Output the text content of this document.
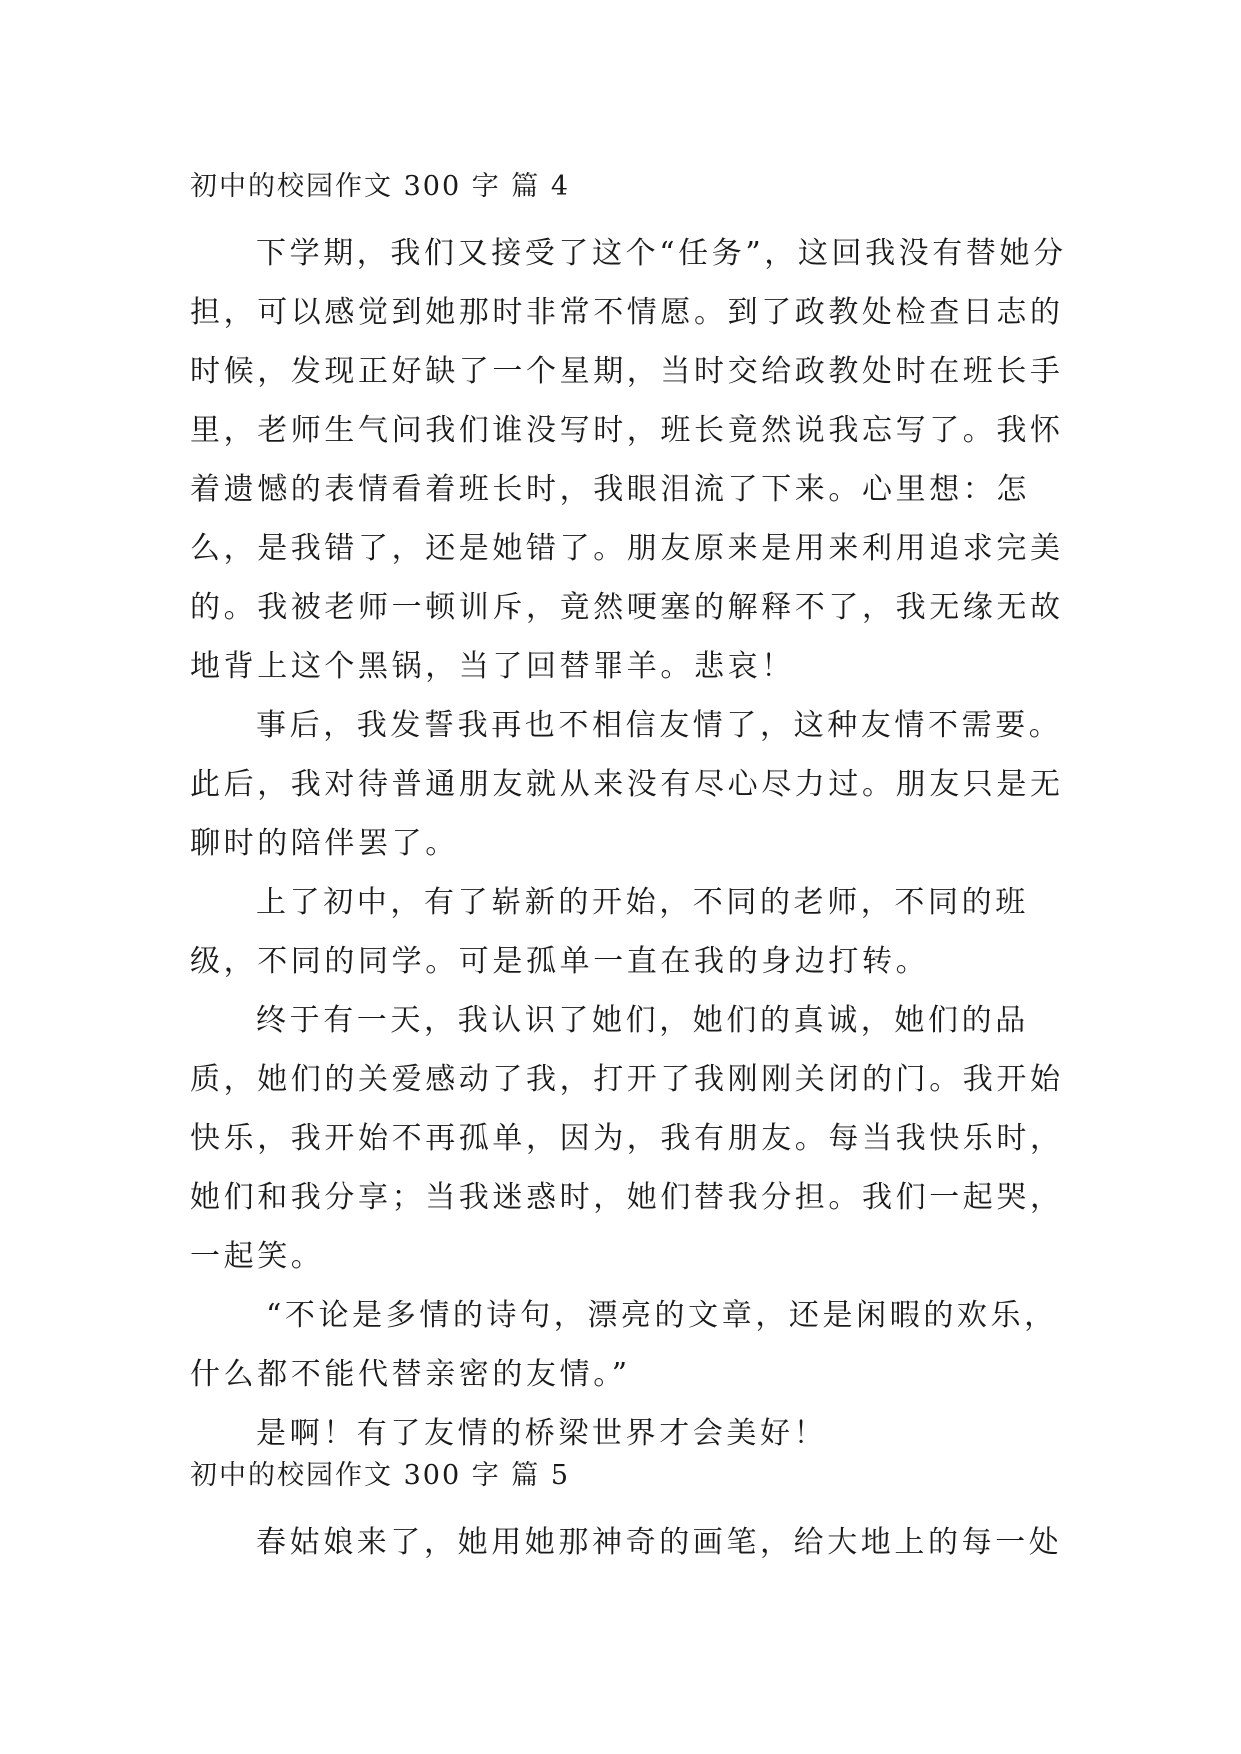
初中的校园作文 300 字 篇 4

下学期，我们又接受了这个“任务”，这回我没有替她分担，可以感觉到她那时非常不情愿。到了政教处检查日志的时候，发现正好缺了一个星期，当时交给政教处时在班长手里，老师生气问我们谁没写时，班长竟然说我忘写了。我怀着遗憾的表情看着班长时，我眼泪流了下来。心里想：怎么，是我错了，还是她错了。朋友原来是用来利用追求完美的。我被老师一顿训斥，竟然哽塞的解释不了，我无缘无故地背上这个黑锅，当了回替罪羊。悲哀！

事后，我发誓我再也不相信友情了，这种友情不需要。此后，我对待普通朋友就从来没有尽心尽力过。朋友只是无聊时的陪伴罢了。

上了初中，有了崭新的开始，不同的老师，不同的班级，不同的同学。可是孤单一直在我的身边打转。

终于有一天，我认识了她们，她们的真诚，她们的品质，她们的关爱感动了我，打开了我刚刚关闭的门。我开始快乐，我开始不再孤单，因为，我有朋友。每当我快乐时，她们和我分享；当我迷惑时，她们替我分担。我们一起哭，一起笑。

“不论是多情的诗句，漂亮的文章，还是闲暇的欢乐，什么都不能代替亲密的友情。”

是啊！有了友情的桥梁世界才会美好！

初中的校园作文 300 字 篇 5

春姑娘来了，她用她那神奇的画笔，给大地上的每一处
